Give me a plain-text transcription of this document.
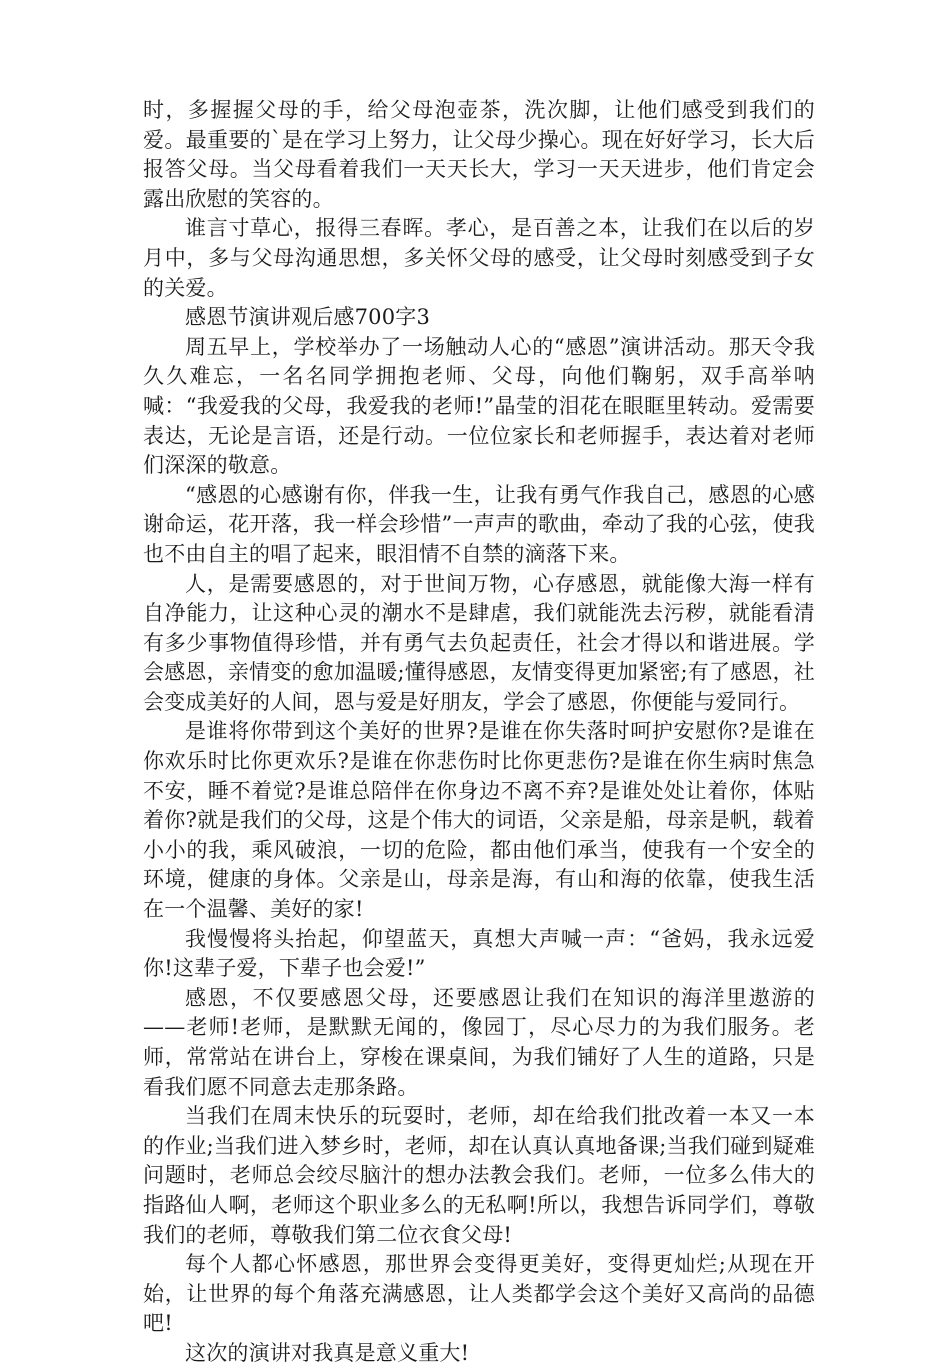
时，多握握父母的手，给父母泡壶茶，洗次脚，让他们感受到我们的爱。最重要的`是在学习上努力，让父母少操心。现在好好学习，长大后报答父母。当父母看着我们一天天长大，学习一天天进步，他们肯定会露出欣慰的笑容的。

谁言寸草心，报得三春晖。孝心，是百善之本，让我们在以后的岁月中，多与父母沟通思想，多关怀父母的感受，让父母时刻感受到子女的关爱。

感恩节演讲观后感700字3

周五早上，学校举办了一场触动人心的“感恩”演讲活动。那天令我久久难忘，一名名同学拥抱老师、父母，向他们鞠躬，双手高举呐喊：“我爱我的父母，我爱我的老师!”晶莹的泪花在眼眶里转动。爱需要表达，无论是言语，还是行动。一位位家长和老师握手，表达着对老师们深深的敬意。

“感恩的心感谢有你，伴我一生，让我有勇气作我自己，感恩的心感谢命运，花开落，我一样会珍惜”一声声的歌曲，牵动了我的心弦，使我也不由自主的唱了起来，眼泪情不自禁的滴落下来。

人，是需要感恩的，对于世间万物，心存感恩，就能像大海一样有自净能力，让这种心灵的潮水不是肆虐，我们就能洗去污秽，就能看清有多少事物值得珍惜，并有勇气去负起责任，社会才得以和谐进展。学会感恩，亲情变的愈加温暖;懂得感恩，友情变得更加紧密;有了感恩，社会变成美好的人间，恩与爱是好朋友，学会了感恩，你便能与爱同行。

是谁将你带到这个美好的世界?是谁在你失落时呵护安慰你?是谁在你欢乐时比你更欢乐?是谁在你悲伤时比你更悲伤?是谁在你生病时焦急不安，睡不着觉?是谁总陪伴在你身边不离不弃?是谁处处让着你，体贴着你?就是我们的父母，这是个伟大的词语，父亲是船，母亲是帆，载着小小的我，乘风破浪，一切的危险，都由他们承当，使我有一个安全的环境，健康的身体。父亲是山，母亲是海，有山和海的依靠，使我生活在一个温馨、美好的家!

我慢慢将头抬起，仰望蓝天，真想大声喊一声：“爸妈，我永远爱你!这辈子爱，下辈子也会爱!”

感恩，不仅要感恩父母，还要感恩让我们在知识的海洋里遨游的——老师!老师，是默默无闻的，像园丁，尽心尽力的为我们服务。老师，常常站在讲台上，穿梭在课桌间，为我们铺好了人生的道路，只是看我们愿不同意去走那条路。

当我们在周末快乐的玩耍时，老师，却在给我们批改着一本又一本的作业;当我们进入梦乡时，老师，却在认真认真地备课;当我们碰到疑难问题时，老师总会绞尽脑汁的想办法教会我们。老师，一位多么伟大的指路仙人啊，老师这个职业多么的无私啊!所以，我想告诉同学们，尊敬我们的老师，尊敬我们第二位衣食父母!

每个人都心怀感恩，那世界会变得更美好，变得更灿烂;从现在开始，让世界的每个角落充满感恩，让人类都学会这个美好又高尚的品德吧!

这次的演讲对我真是意义重大!
